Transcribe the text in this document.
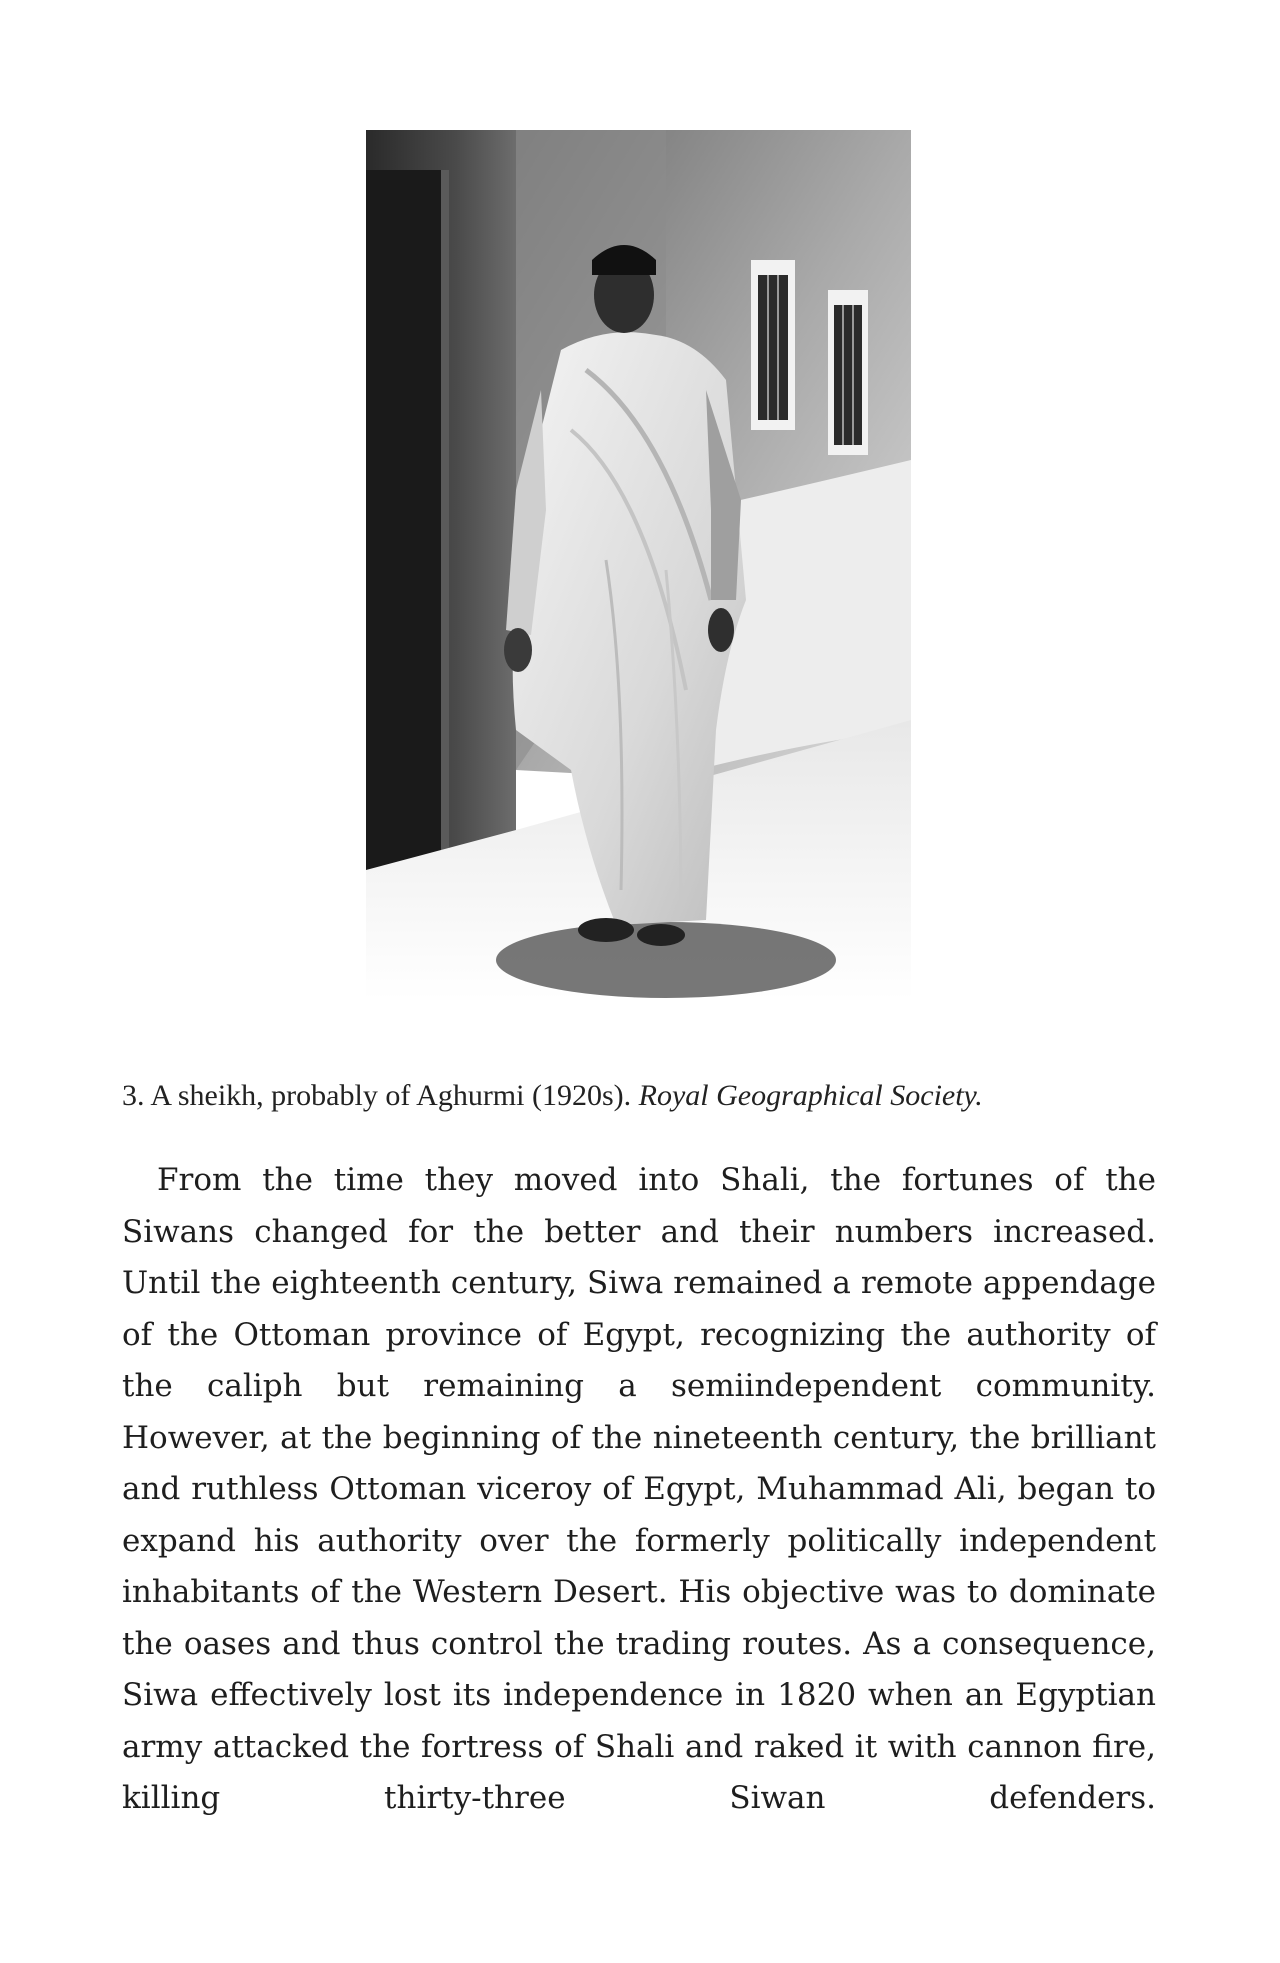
3. A sheikh, probably of Aghurmi (1920s). Royal Geographical Society.
From the time they moved into Shali, the fortunes of the Siwans changed for the better and their numbers increased. Until the eighteenth century, Siwa remained a remote appendage of the Ottoman province of Egypt, recognizing the authority of the caliph but remaining a semiindependent community. However, at the beginning of the nineteenth century, the brilliant and ruthless Ottoman viceroy of Egypt, Muhammad Ali, began to expand his authority over the formerly politically independent inhabitants of the Western Desert. His objective was to dominate the oases and thus control the trading routes. As a consequence, Siwa effectively lost its independence in 1820 when an Egyptian army attacked the fortress of Shali and raked it with cannon fire, killing thirty-three Siwan defenders.
